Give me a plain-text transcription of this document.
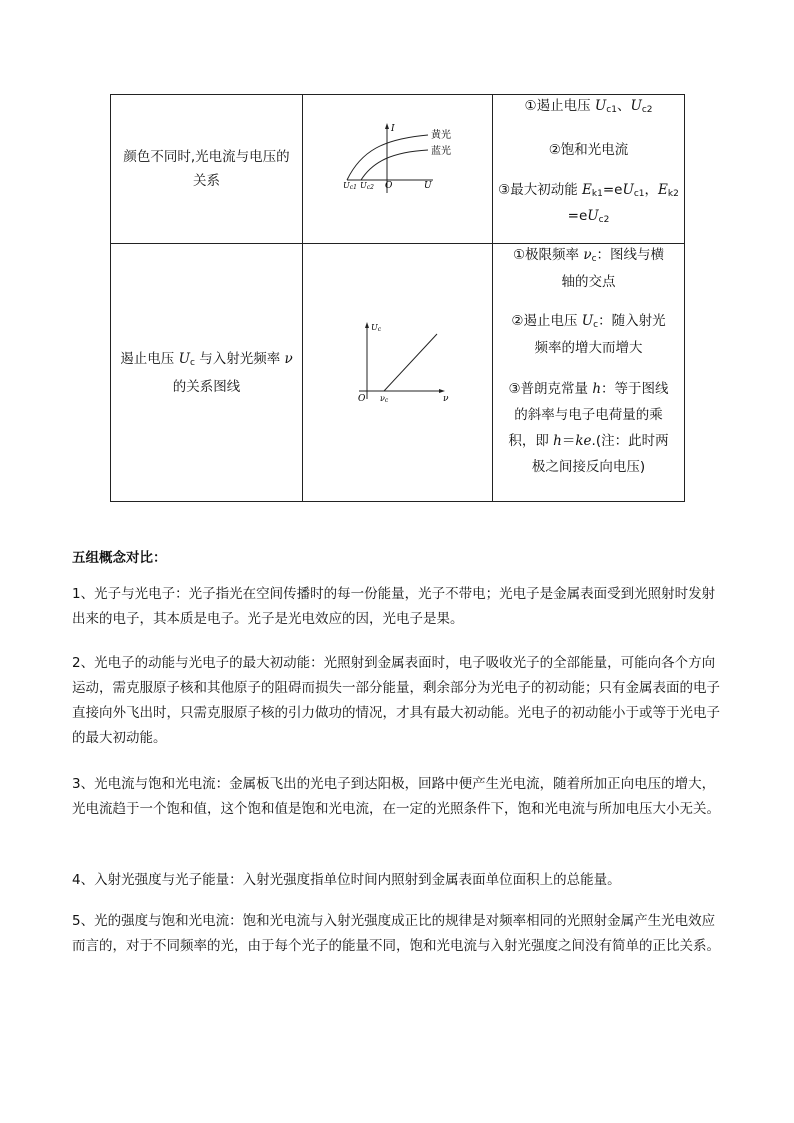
颜色不同时,光电流与电压的关系
黄光
蓝光
I
U
O
Uc1 Uc2

①遏止电压 $U_{c1}$、$U_{c2}$

②饱和光电流

③最大初动能 $E_{k1}=eU_{c1}$，$E_{k2}$
$=eU_{c2}$

遏止电压 $U_c$ 与入射光频率 ν
的关系图线
Uc
ν
O νc

①极限频率 $\nu_c$：图线与横轴的交点

②遏止电压 $U_c$：随入射光频率的增大而增大

③普朗克常量 h：等于图线的斜率与电子电荷量的乘积，即 h＝ke.(注：此时两极之间接反向电压)

五组概念对比：

1、光子与光电子：光子指光在空间传播时的每一份能量，光子不带电；光电子是金属表面受到光照射时发射出来的电子，其本质是电子。光子是光电效应的因，光电子是果。

2、光电子的动能与光电子的最大初动能：光照射到金属表面时，电子吸收光子的全部能量，可能向各个方向运动，需克服原子核和其他原子的阻碍而损失一部分能量，剩余部分为光电子的初动能；只有金属表面的电子直接向外飞出时，只需克服原子核的引力做功的情况，才具有最大初动能。光电子的初动能小于或等于光电子的最大初动能。

3、光电流与饱和光电流：金属板飞出的光电子到达阳极，回路中便产生光电流，随着所加正向电压的增大，光电流趋于一个饱和值，这个饱和值是饱和光电流，在一定的光照条件下，饱和光电流与所加电压大小无关。

4、入射光强度与光子能量：入射光强度指单位时间内照射到金属表面单位面积上的总能量。

5、光的强度与饱和光电流：饱和光电流与入射光强度成正比的规律是对频率相同的光照射金属产生光电效应而言的，对于不同频率的光，由于每个光子的能量不同，饱和光电流与入射光强度之间没有简单的正比关系。
